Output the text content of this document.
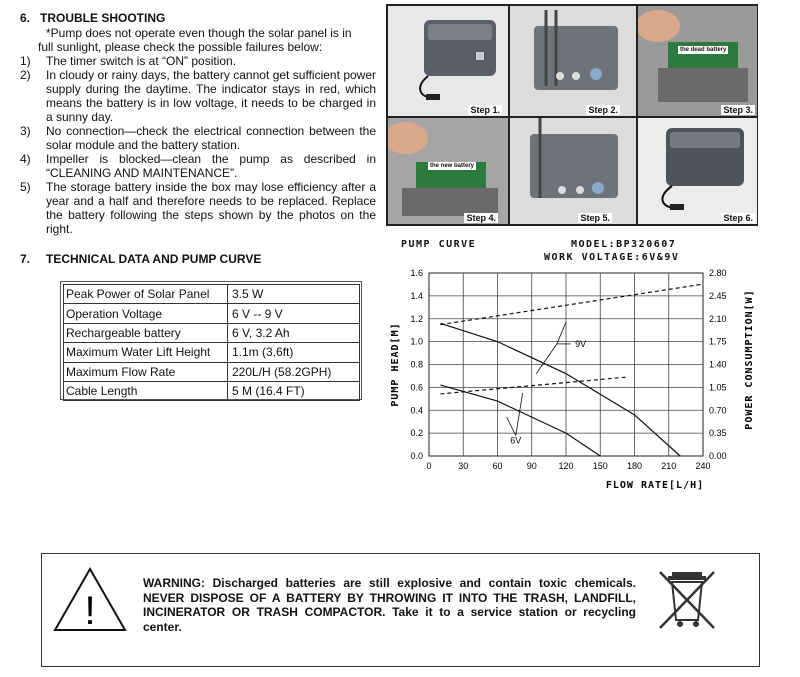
6. TROUBLE SHOOTING
*Pump does not operate even though the solar panel is in
full sunlight, please check the possible failures below:
1) The timer switch is at “ON” position.

2) In cloudy or rainy days, the battery cannot get sufficient power supply during the daytime. The indicator stays in red, which means the battery is in low voltage, it needs to be charged in a sunny day.

3) No connection—check the electrical connection between the solar module and the battery station.

4) Impeller is blocked—clean the pump as described in “CLEANING AND MAINTENANCE”.

5) The storage battery inside the box may lose efficiency after a year and a half and therefore needs to be replaced. Replace the battery following the steps shown by the photos on the right.

Step 1.	Step 2.
the dead battery
Step 3.
the new battery
Step 4.	Step 5.	Step 6.
7. TECHNICAL DATA AND PUMP CURVE
Peak Power of Solar Panel	3.5 W
Operation Voltage	6 V -- 9 V
Rechargeable battery	6 V, 3.2 Ah
Maximum Water Lift Height	1.1m (3.6ft)
Maximum Flow Rate	220L/H (58.2GPH)
Cable Length	5 M (16.4 FT)
PUMP CURVE	MODEL:BP320607
WORK VOLTAGE:6V&9V
0	30	60	90 120 150 180 210 240
0.0
0.2
0.4
0.6
0.8
1.0
1.2
1.4
1.6
0.00
0.35
0.70
1.05
1.40
1.75
2.10
2.45
2.80
FLOW RATE[L/H]
PUMP HEAD[M]	POWER CONSUMPTION[W]
9V
6V
!
WARNING: Discharged batteries are still explosive and contain toxic chemicals. NEVER DISPOSE OF A BATTERY BY THROWING IT INTO THE TRASH, LANDFILL, INCINERATOR OR TRASH COMPACTOR. Take it to a service station or recycling center.
